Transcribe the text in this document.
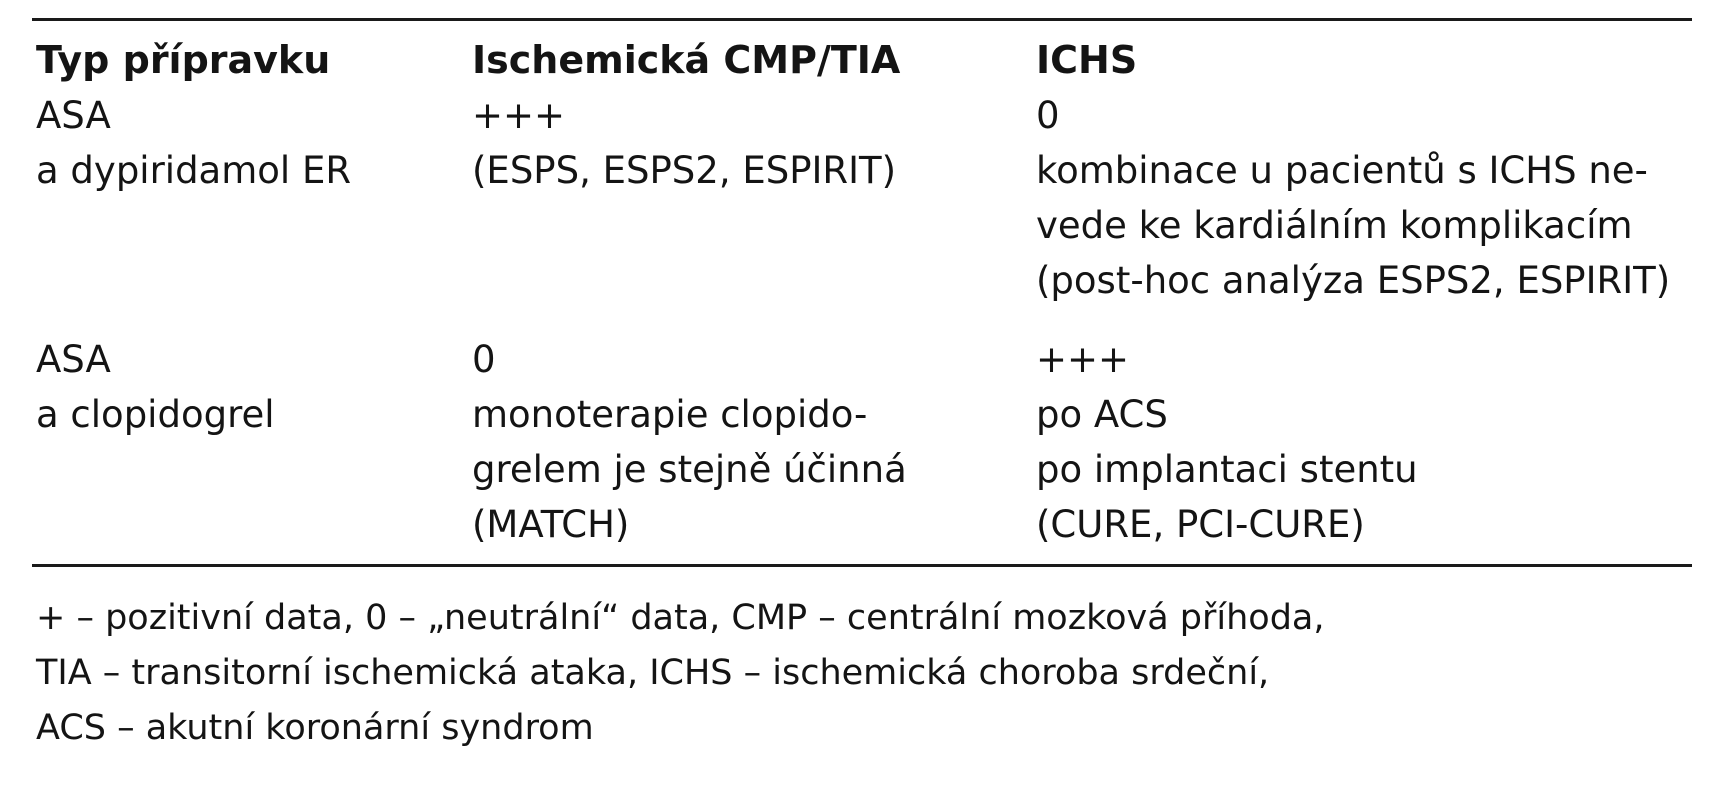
Typ přípravku	Ischemická CMP/TIA	ICHS
ASA
a dypiridamol ER
+++
(ESPS, ESPS2, ESPIRIT)
0
kombinace u pacientů s ICHS ne-
vede ke kardiálním komplikacím
(post-hoc analýza ESPS2, ESPIRIT)
ASA
a clopidogrel
0
monoterapie clopido-
grelem je stejně účinná
(MATCH)
+++
po ACS
po implantaci stentu
(CURE, PCI-CURE)
+ – pozitivní data, 0 – „neutrální“ data, CMP – centrální mozková příhoda,
TIA – transitorní ischemická ataka, ICHS – ischemická choroba srdeční,
ACS – akutní koronární syndrom
